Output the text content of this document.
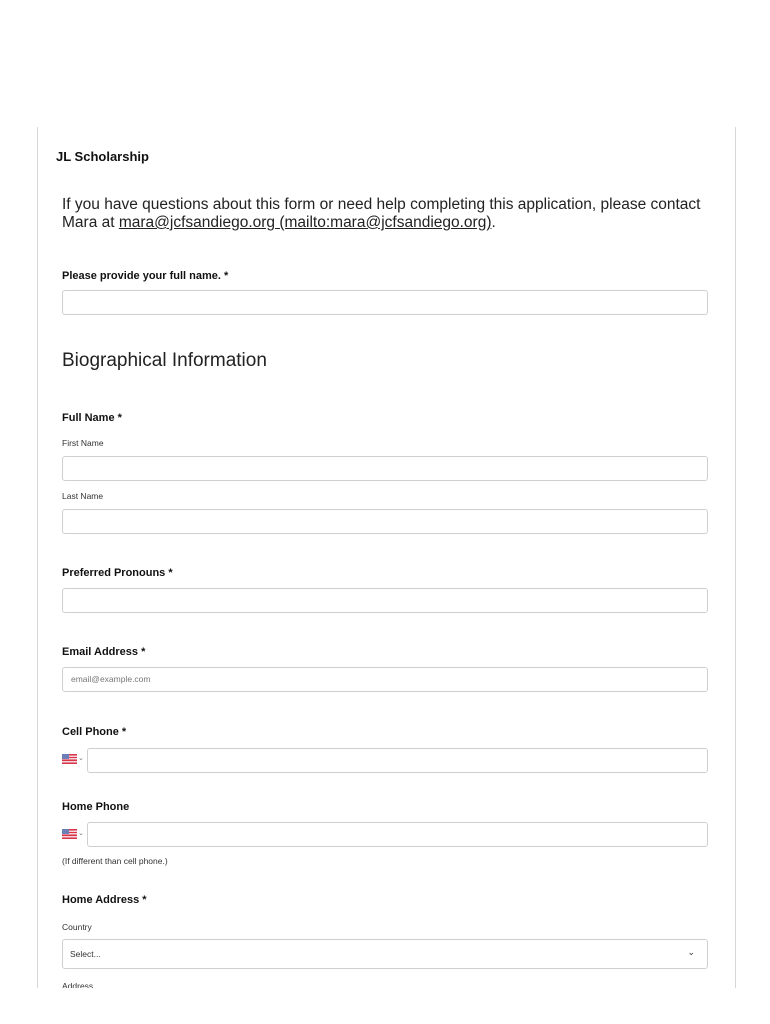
JL Scholarship
If you have questions about this form or need help completing this application, please contact Mara at mara@jcfsandiego.org (mailto:mara@jcfsandiego.org).
Please provide your full name. *
Biographical Information
Full Name *
First Name
Last Name
Preferred Pronouns *
Email Address *
email@example.com
Cell Phone *
⌄
Home Phone
⌄
(If different than cell phone.)
Home Address *
Country
Select...	⌄
Address
